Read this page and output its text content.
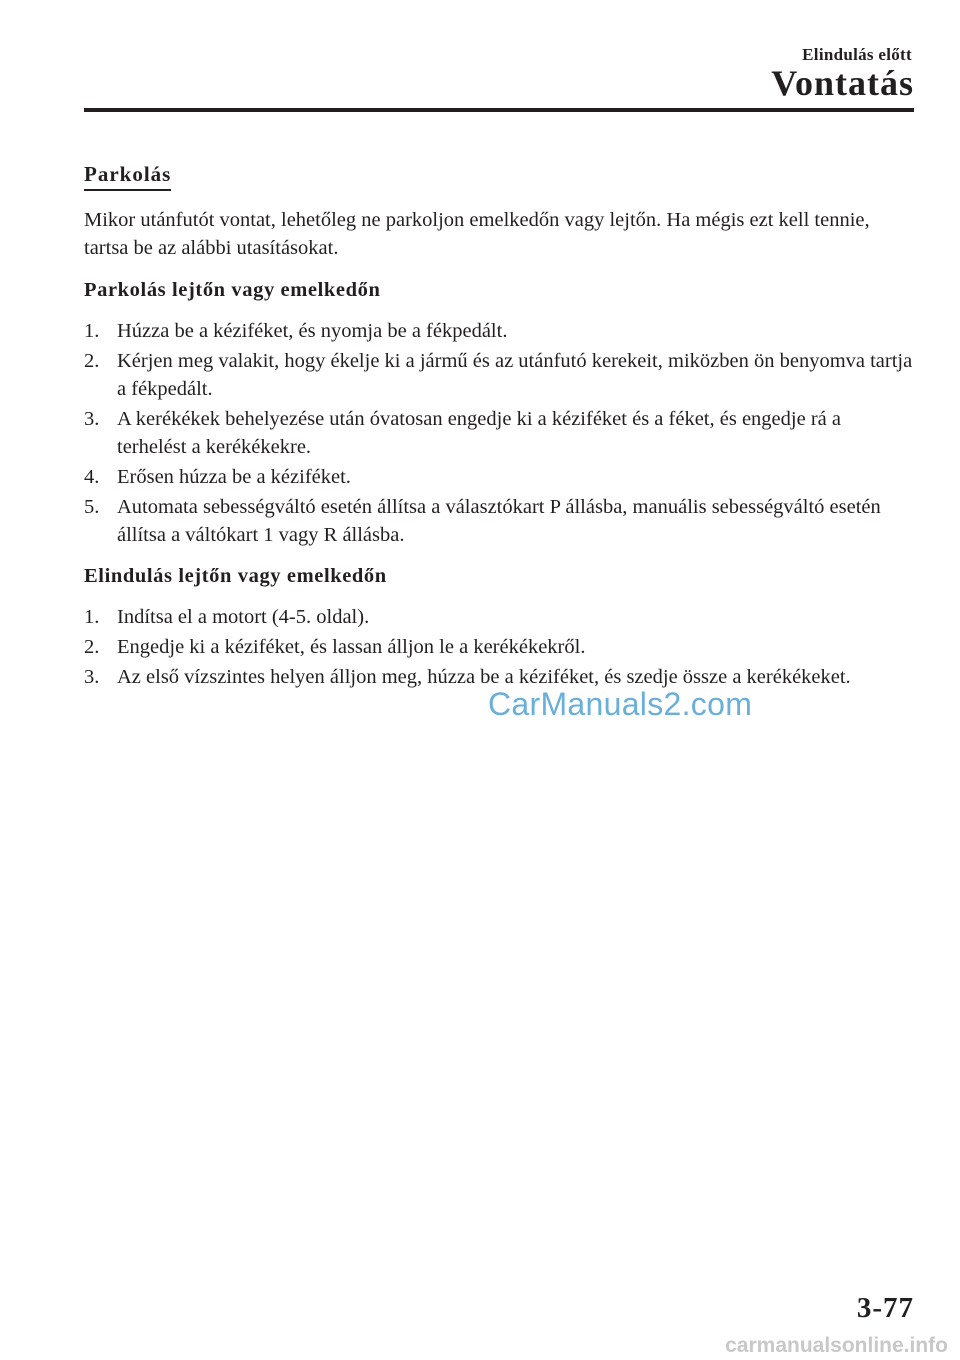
Elindulás előtt
Vontatás
Parkolás

Mikor utánfutót vontat, lehetőleg ne parkoljon emelkedőn vagy lejtőn. Ha mégis ezt kell tennie, tartsa be az alábbi utasításokat.

Parkolás lejtőn vagy emelkedőn
1. Húzza be a kéziféket, és nyomja be a fékpedált.
2. Kérjen meg valakit, hogy ékelje ki a jármű és az utánfutó kerekeit, miközben ön benyomva tartja a fékpedált.
3. A kerékékek behelyezése után óvatosan engedje ki a kéziféket és a féket, és engedje rá a terhelést a kerékékekre.
4. Erősen húzza be a kéziféket.
5. Automata sebességváltó esetén állítsa a választókart P állásba, manuális sebességváltó esetén állítsa a váltókart 1 vagy R állásba.
Elindulás lejtőn vagy emelkedőn
1. Indítsa el a motort (4-5. oldal).
2. Engedje ki a kéziféket, és lassan álljon le a kerékékekről.
3. Az első vízszintes helyen álljon meg, húzza be a kéziféket, és szedje össze a kerékékeket.
CarManuals2.com
3-77
carmanualsonline.info
